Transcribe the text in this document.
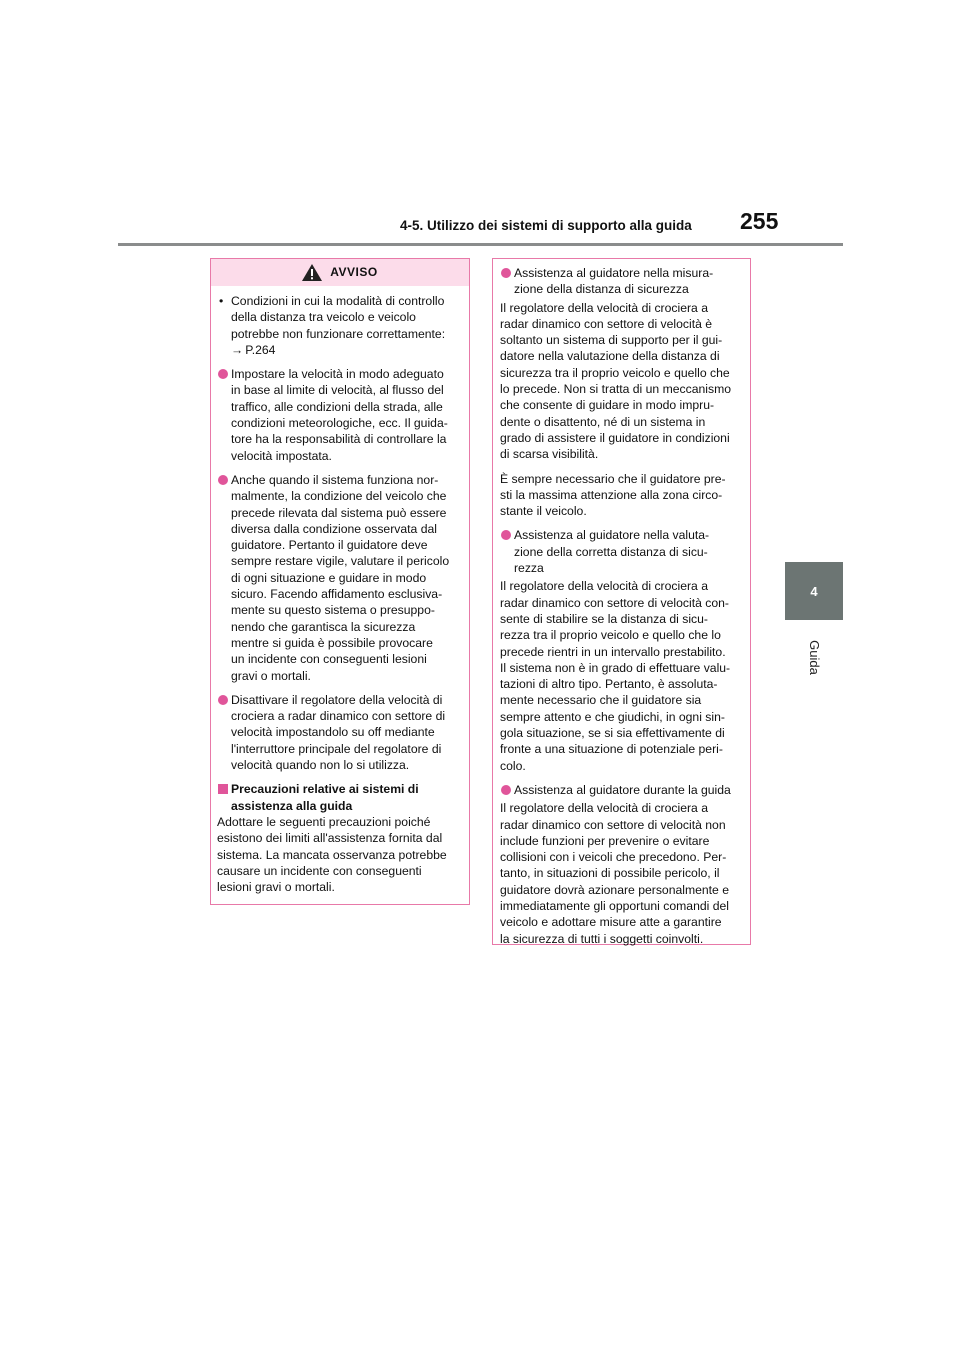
4-5. Utilizzo dei sistemi di supporto alla guida	255
4
Guida
AVVISO
• Condizioni in cui la modalità di controllo
della distanza tra veicolo e veicolo
potrebbe non funzionare correttamente:
→ P.264
Impostare la velocità in modo adeguato
in base al limite di velocità, al flusso del
traffico, alle condizioni della strada, alle
condizioni meteorologiche, ecc. Il guida-
tore ha la responsabilità di controllare la
velocità impostata.
Anche quando il sistema funziona nor-
malmente, la condizione del veicolo che
precede rilevata dal sistema può essere
diversa dalla condizione osservata dal
guidatore. Pertanto il guidatore deve
sempre restare vigile, valutare il pericolo
di ogni situazione e guidare in modo
sicuro. Facendo affidamento esclusiva-
mente su questo sistema o presuppo-
nendo che garantisca la sicurezza
mentre si guida è possibile provocare
un incidente con conseguenti lesioni
gravi o mortali.
Disattivare il regolatore della velocità di
crociera a radar dinamico con settore di
velocità impostandolo su off mediante
l'interruttore principale del regolatore di
velocità quando non lo si utilizza.
Precauzioni relative ai sistemi di
assistenza alla guida
Adottare le seguenti precauzioni poiché
esistono dei limiti all'assistenza fornita dal
sistema. La mancata osservanza potrebbe
causare un incidente con conseguenti
lesioni gravi o mortali.
Assistenza al guidatore nella misura-
zione della distanza di sicurezza
Il regolatore della velocità di crociera a
radar dinamico con settore di velocità è
soltanto un sistema di supporto per il gui-
datore nella valutazione della distanza di
sicurezza tra il proprio veicolo e quello che
lo precede. Non si tratta di un meccanismo
che consente di guidare in modo impru-
dente o disattento, né di un sistema in
grado di assistere il guidatore in condizioni
di scarsa visibilità.
È sempre necessario che il guidatore pre-
sti la massima attenzione alla zona circo-
stante il veicolo.
Assistenza al guidatore nella valuta-
zione della corretta distanza di sicu-
rezza
Il regolatore della velocità di crociera a
radar dinamico con settore di velocità con-
sente di stabilire se la distanza di sicu-
rezza tra il proprio veicolo e quello che lo
precede rientri in un intervallo prestabilito.
Il sistema non è in grado di effettuare valu-
tazioni di altro tipo. Pertanto, è assoluta-
mente necessario che il guidatore sia
sempre attento e che giudichi, in ogni sin-
gola situazione, se si sia effettivamente di
fronte a una situazione di potenziale peri-
colo.
Assistenza al guidatore durante la guida
Il regolatore della velocità di crociera a
radar dinamico con settore di velocità non
include funzioni per prevenire o evitare
collisioni con i veicoli che precedono. Per-
tanto, in situazioni di possibile pericolo, il
guidatore dovrà azionare personalmente e
immediatamente gli opportuni comandi del
veicolo e adottare misure atte a garantire
la sicurezza di tutti i soggetti coinvolti.
